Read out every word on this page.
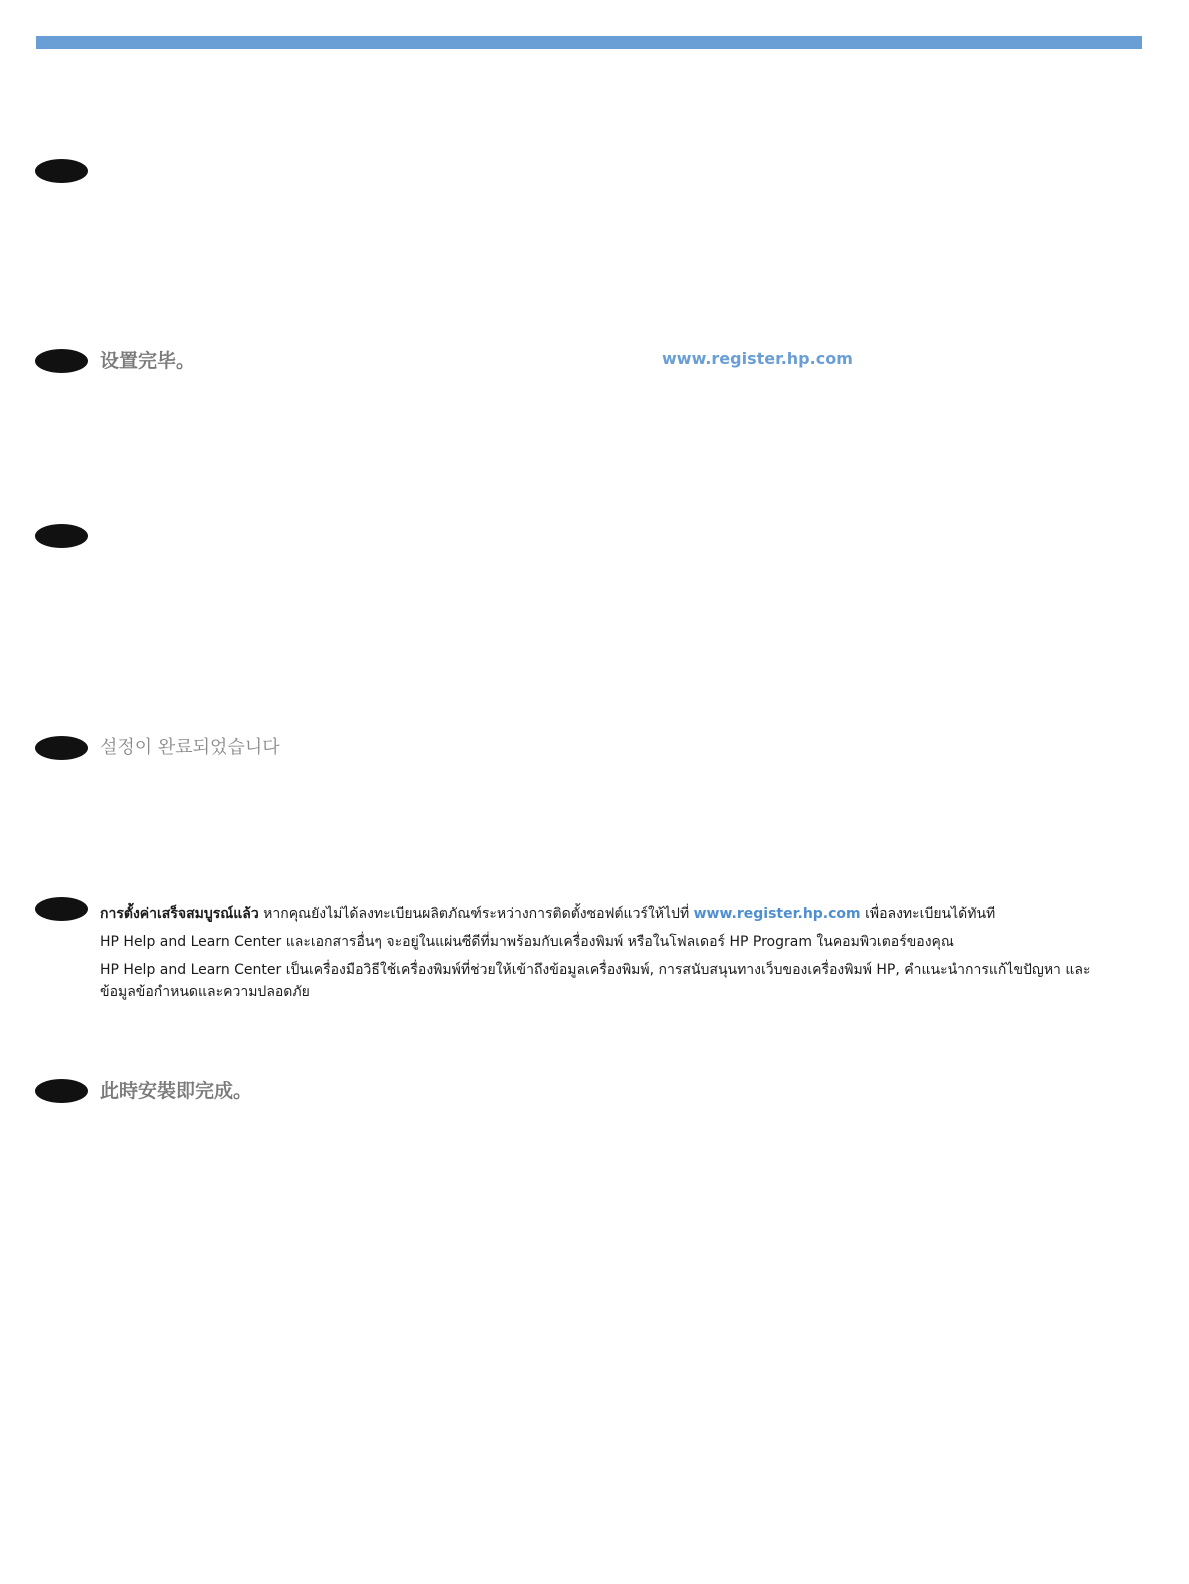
设置完毕。	www.register.hp.com
설정이 완료되었습니다

การตั้งค่าเสร็จสมบูรณ์แล้ว หากคุณยังไม่ได้ลงทะเบียนผลิตภัณฑ์ระหว่างการติดตั้งซอฟต์แวร์ให้ไปที่ www.register.hp.com เพื่อลงทะเบียนได้ทันที

HP Help and Learn Center และเอกสารอื่นๆ จะอยู่ในแผ่นซีดีที่มาพร้อมกับเครื่องพิมพ์ หรือในโฟลเดอร์ HP Program ในคอมพิวเตอร์ของคุณ

HP Help and Learn Center เป็นเครื่องมือวิธีใช้เครื่องพิมพ์ที่ช่วยให้เข้าถึงข้อมูลเครื่องพิมพ์, การสนับสนุนทางเว็บของเครื่องพิมพ์ HP, คำแนะนำการแก้ไขปัญหา และข้อมูลข้อกำหนดและความปลอดภัย

此時安裝即完成。
